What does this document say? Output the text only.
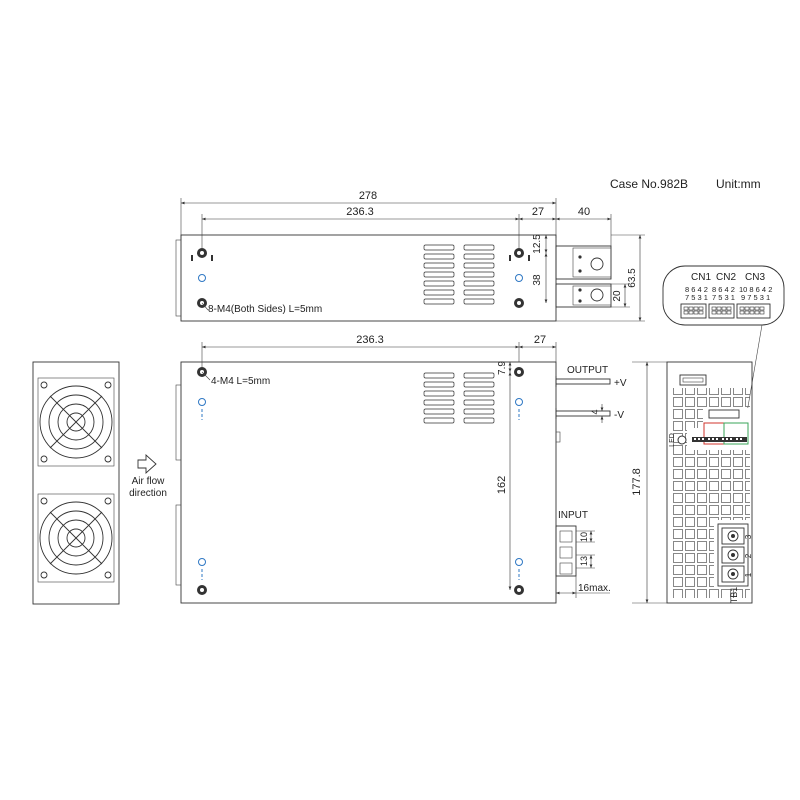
Case No.982B Unit:mm
278
236.3	27	40
12.5
38
20
63.5
8-M4(Both Sides) L=5mm
CN1 CN2 CN3
8 6 4 2
7 5 3 1
8 6 4 2
7 5 3 1
10 8 6 4 2
9 7 5 3 1
Air flow
direction
236.3	27
4-M4 L=5mm
7.9
162
OUTPUT
+V
-V
4
INPUT
10
13
16max.
177.8
LED
3
2
1
TB1
